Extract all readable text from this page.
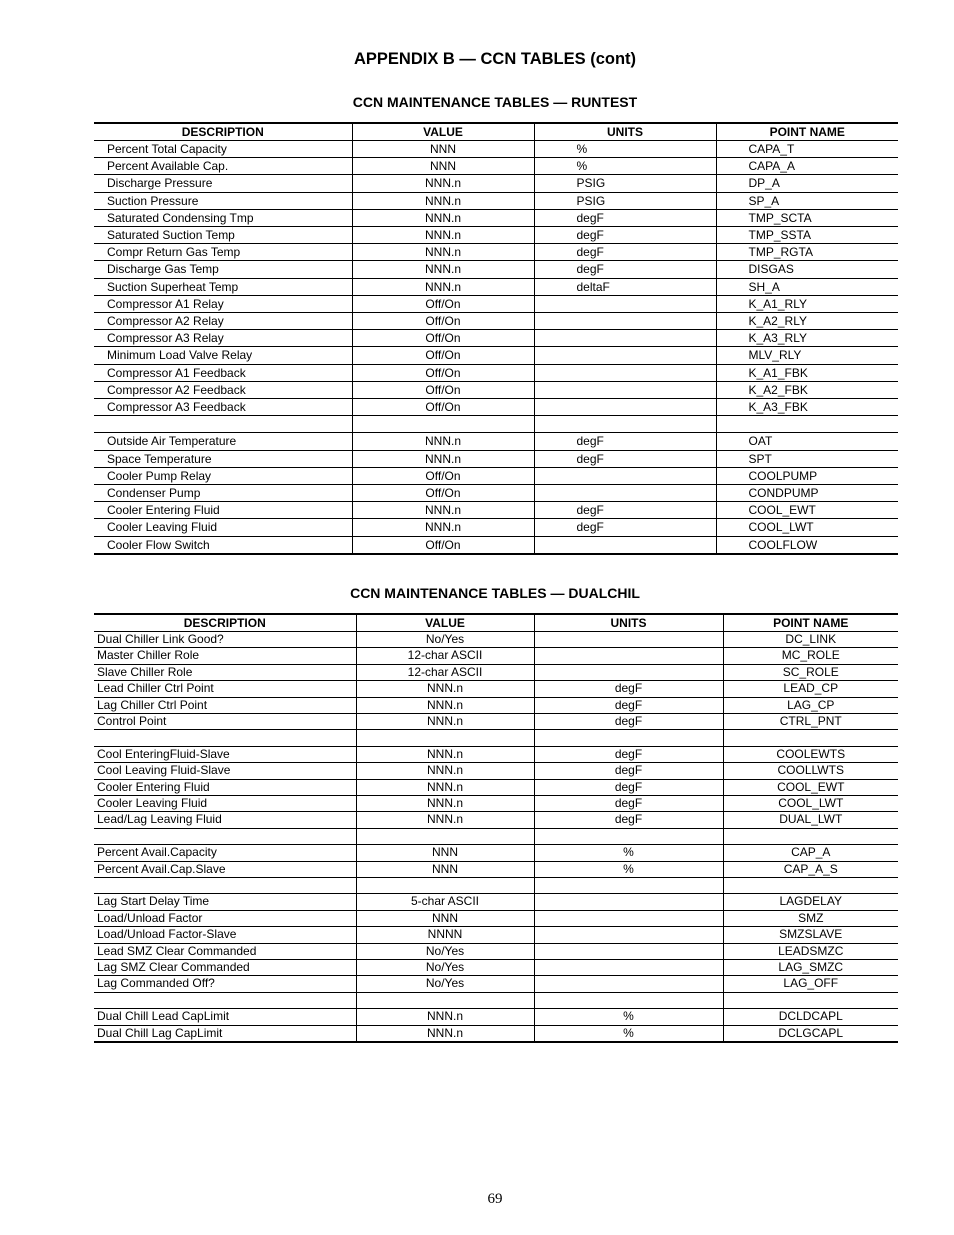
APPENDIX B — CCN TABLES (cont)
CCN MAINTENANCE TABLES — RUNTEST
DESCRIPTION	VALUE	UNITS	POINT NAME
Percent Total Capacity	NNN	%	CAPA_T
Percent Available Cap.	NNN	%	CAPA_A
Discharge Pressure	NNN.n	PSIG	DP_A
Suction Pressure	NNN.n	PSIG	SP_A
Saturated Condensing Tmp	NNN.n	degF	TMP_SCTA
Saturated Suction Temp	NNN.n	degF	TMP_SSTA
Compr Return Gas Temp	NNN.n	degF	TMP_RGTA
Discharge Gas Temp	NNN.n	degF	DISGAS
Suction Superheat Temp	NNN.n	deltaF	SH_A
Compressor A1 Relay	Off/On		K_A1_RLY
Compressor A2 Relay	Off/On		K_A2_RLY
Compressor A3 Relay	Off/On		K_A3_RLY
Minimum Load Valve Relay	Off/On		MLV_RLY
Compressor A1 Feedback	Off/On		K_A1_FBK
Compressor A2 Feedback	Off/On		K_A2_FBK
Compressor A3 Feedback	Off/On		K_A3_FBK

Outside Air Temperature	NNN.n	degF	OAT
Space Temperature	NNN.n	degF	SPT
Cooler Pump Relay	Off/On		COOLPUMP
Condenser Pump	Off/On		CONDPUMP
Cooler Entering Fluid	NNN.n	degF	COOL_EWT
Cooler Leaving Fluid	NNN.n	degF	COOL_LWT
Cooler Flow Switch	Off/On		COOLFLOW
CCN MAINTENANCE TABLES — DUALCHIL
DESCRIPTION	VALUE	UNITS	POINT NAME
Dual Chiller Link Good?	No/Yes		DC_LINK
Master Chiller Role	12-char ASCII		MC_ROLE
Slave Chiller Role	12-char ASCII		SC_ROLE
Lead Chiller Ctrl Point	NNN.n	degF	LEAD_CP
Lag Chiller Ctrl Point	NNN.n	degF	LAG_CP
Control Point	NNN.n	degF	CTRL_PNT

Cool EnteringFluid-Slave	NNN.n	degF	COOLEWTS
Cool Leaving Fluid-Slave	NNN.n	degF	COOLLWTS
Cooler Entering Fluid	NNN.n	degF	COOL_EWT
Cooler Leaving Fluid	NNN.n	degF	COOL_LWT
Lead/Lag Leaving Fluid	NNN.n	degF	DUAL_LWT

Percent Avail.Capacity	NNN	%	CAP_A
Percent Avail.Cap.Slave	NNN	%	CAP_A_S

Lag Start Delay Time	5-char ASCII		LAGDELAY
Load/Unload Factor	NNN		SMZ
Load/Unload Factor-Slave	NNNN		SMZSLAVE
Lead SMZ Clear Commanded	No/Yes		LEADSMZC
Lag SMZ Clear Commanded	No/Yes		LAG_SMZC
Lag Commanded Off?	No/Yes		LAG_OFF

Dual Chill Lead CapLimit	NNN.n	%	DCLDCAPL
Dual Chill Lag CapLimit	NNN.n	%	DCLGCAPL

69
